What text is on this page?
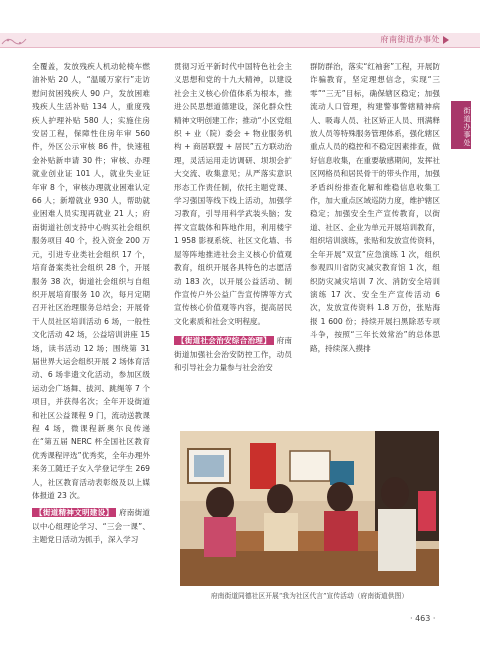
府南街道办事处
街道办事处

全覆盖，发放残疾人机动轮椅车燃油补贴 20 人，“温暖万家行”走访慰问贫困残疾人 90 户，发放困难残疾人生活补贴 134 人，重度残疾人护理补贴 580 人；实施住房安居工程，保障性住房年审 560 件，外区公示审核 86 件，快速租金补贴新申请 30 件；审核、办理就业创业证 101 人，就业失业证年审 8 个，审核办理就业困难认定 66 人；新增就业 930 人，帮助就业困难人员实现再就业 21 人；府南街道社创支持中心购买社会组织服务项目 40 个，投入资金 200 万元，引进专业类社会组织 17 个，培育备案类社会组织 28 个，开展服务 38 次，街道社会组织与自组织开展培育服务 10 次，每月定期召开社区治理服务总结会；开展骨干人员社区培训活动 6 场，一般性文化活动 42 场，公益培训讲座 15 场，读书活动 12 场；围绕第 31 届世界大运会组织开展 2 场体育活动、6 场非遗文化活动，参加区级运动会广场舞、拔河、跳绳等 7 个项目，并获得名次；全年开设街道和社区公益课程 9 门，流动送教课程 4 场，微课程新奥尔良传递在“第五届 NERC 杯全国社区教育优秀课程评选”优秀奖，全年办理外来务工随迁子女入学登记学生 269 人，社区教育活动表彰级及以上媒体报道 23 次。

【街道精神文明建设】 府南街道以中心组理论学习、“三会一课”、主题党日活动为抓手，深入学习

贯彻习近平新时代中国特色社会主义思想和党的十九大精神，以建设社会主义核心价值体系为根本，推进公民思想道德建设，深化群众性精神文明创建工作；推动“小区党组织 + 业（院）委会 + 物业服务机构 + 商居联盟 + 居民”五方联动治理，灵活运用走访调研、坝坝会扩大交流、收集意见；从严落实意识形态工作责任制，依托主题党课、学习强国等线下线上活动，加强学习教育，引导用科学武装头脑；发挥文宣载体和阵地作用，利用楼宇 1 958 影视系统、社区文化墙、书屋等阵地推进社会主义核心价值观教育，组织开展各具特色的志愿活动 183 次，以开展公益活动、制作宣传户外公益广告宣传牌等方式宣传核心价值观等内容，提高居民文化素质和社会文明程度。

【街道社会治安综合治理】 府南街道加强社会治安防控工作，动员和引导社会力量参与社会治安

群防群治，落实“红袖套”工程，开展防诈骗教育，坚定理想信念，实现“三零”“三无”目标，确保辖区稳定；加强流动人口管理，构建警事警辖精神病人、吸毒人员、社区矫正人员、刑满释放人员等特殊服务管理体系，强化辖区重点人员的稳控和不稳定因素排查，做好信息收集，在重要敏感期间，发挥社区网格员和居民骨干的带头作用，加强矛盾纠纷排查化解和维稳信息收集工作，加大重点区域巡防力度，维护辖区稳定；加强安全生产宣传教育，以街道、社区、企业为单元开展培训教育，组织培训演练，张贴和发放宣传资料，全年开展“双宣”应急演练 1 次，组织参观四川省防灾减灾教育馆 1 次，组织防灾减灾培训 7 次、消防安全培训演练 17 次、安全生产宣传活动 6 次，发放宣传资料 1.8 万份，张贴海报 1 600 份；持续开展扫黑除恶专项斗争，按照“三年长效常治”的总体思路，持续深入摸排

府南街道同德社区开展“我为社区代言”宣传活动（府南街道供图）
· 463 ·
